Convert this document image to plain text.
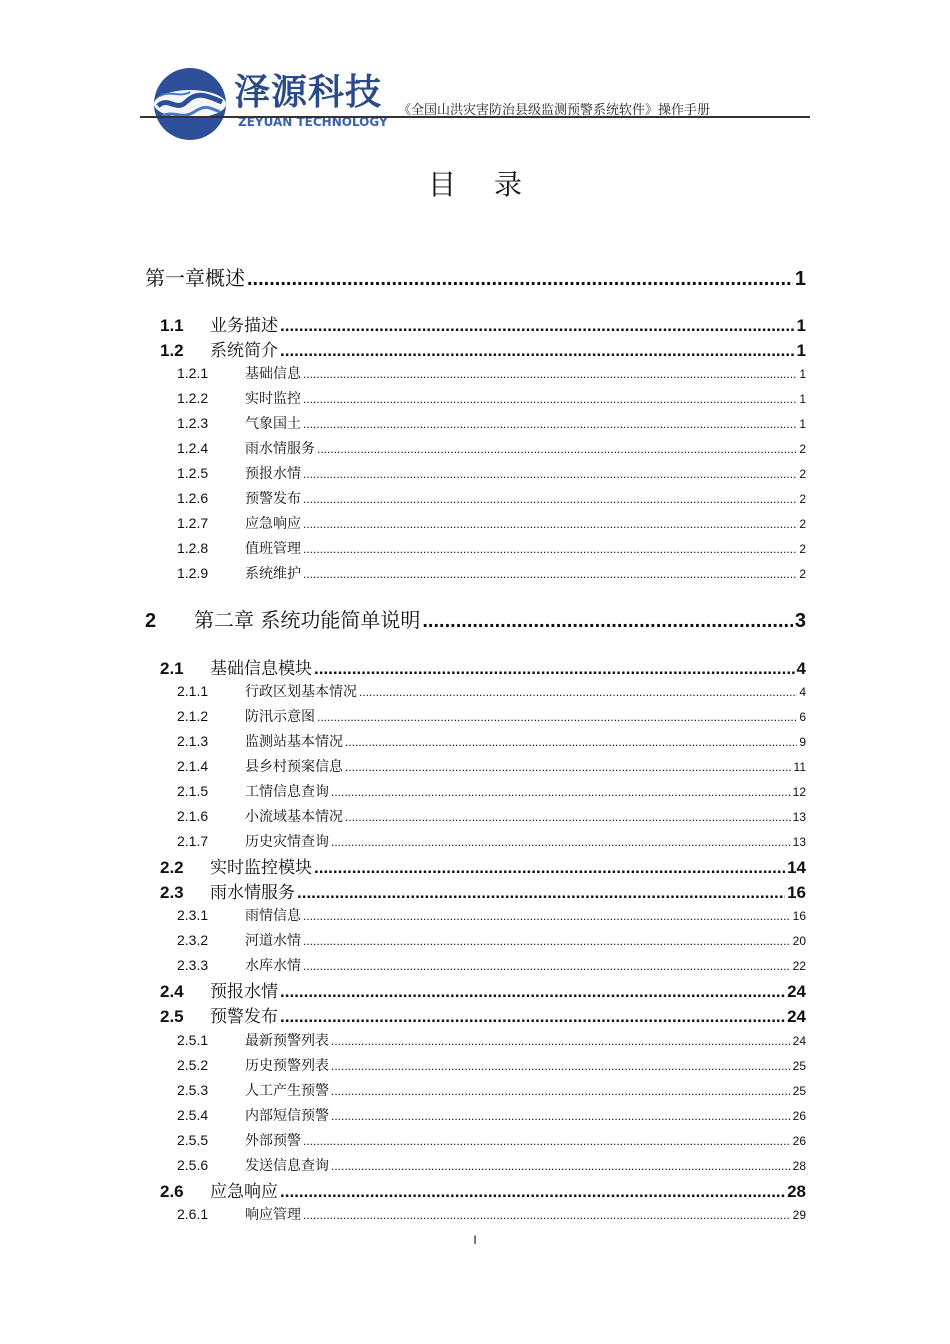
泽源科技
ZEYUAN TECHNOLOGY
《全国山洪灾害防治县级监测预警系统软件》操作手册
目录
第一章概述 .....	1
1.1	业务描述 .....	1
1.2	系统简介 .....	1
1.2.1	基础信息 .....	1
1.2.2	实时监控 .....	1
1.2.3	气象国土 .....	1
1.2.4	雨水情服务 .....	2
1.2.5	预报水情 .....	2
1.2.6	预警发布 .....	2
1.2.7	应急响应 .....	2
1.2.8	值班管理 .....	2
1.2.9	系统维护 .....	2
2	第二章 系统功能简单说明 .....	3
2.1	基础信息模块 .....	4
2.1.1	行政区划基本情况 .....	4
2.1.2	防汛示意图 .....	6
2.1.3	监测站基本情况 .....	9
2.1.4	县乡村预案信息 .....	11
2.1.5	工情信息查询 .....	12
2.1.6	小流域基本情况 .....	13
2.1.7	历史灾情查询 .....	13
2.2	实时监控模块 .....	14
2.3	雨水情服务 .....	16
2.3.1	雨情信息 .....	16
2.3.2	河道水情 .....	20
2.3.3	水库水情 .....	22
2.4	预报水情 .....	24
2.5	预警发布 .....	24
2.5.1	最新预警列表 .....	24
2.5.2	历史预警列表 .....	25
2.5.3	人工产生预警 .....	25
2.5.4	内部短信预警 .....	26
2.5.5	外部预警 .....	26
2.5.6	发送信息查询 .....	28
2.6	应急响应 .....	28
2.6.1	响应管理 .....	29
I
